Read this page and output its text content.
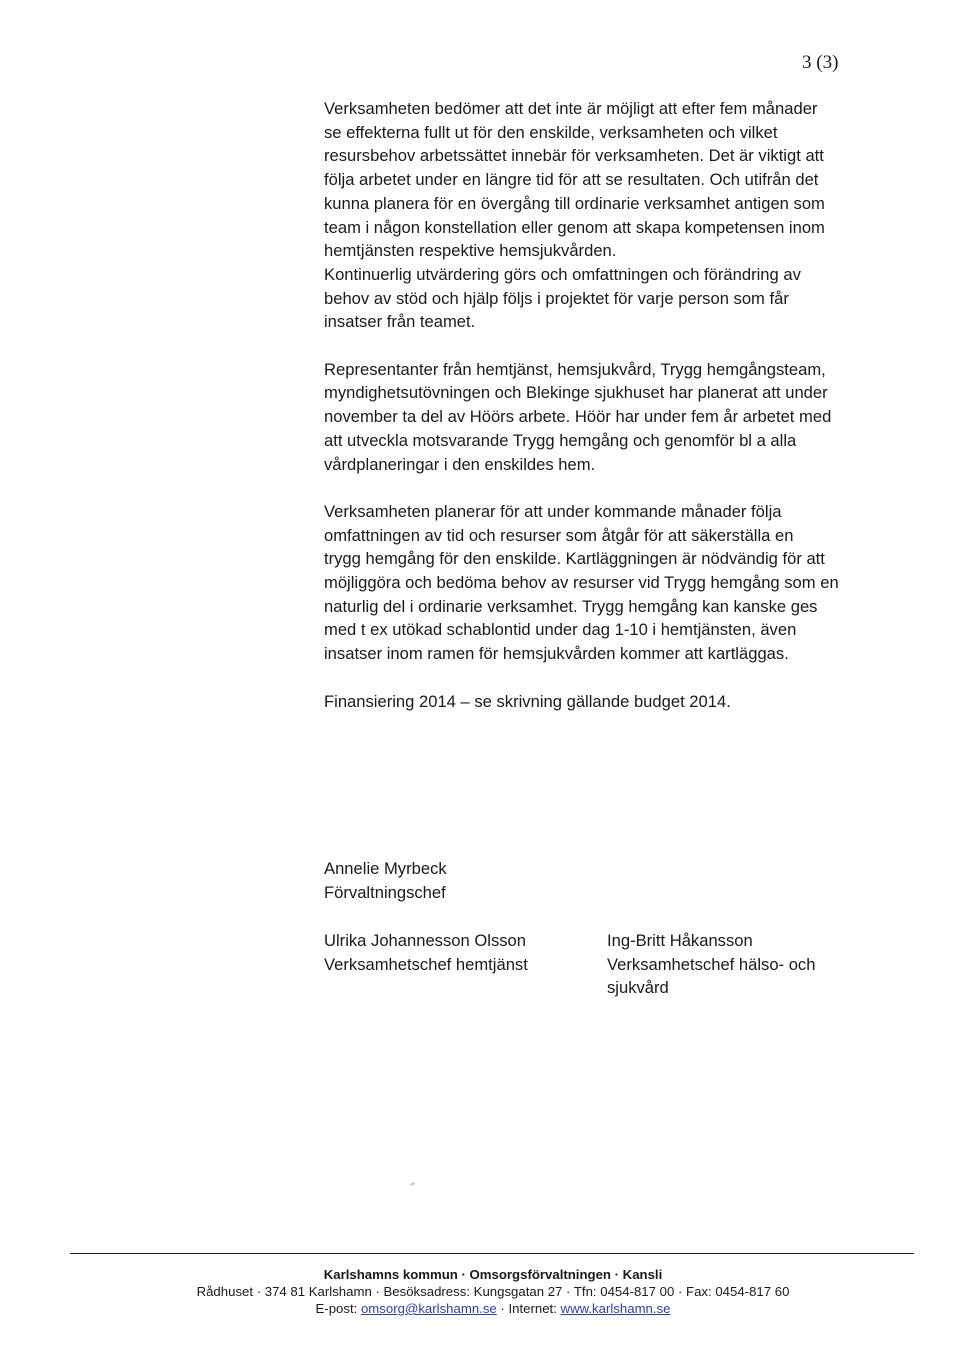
3 (3)

Verksamheten bedömer att det inte är möjligt att efter fem månader
se effekterna fullt ut för den enskilde, verksamheten och vilket
resursbehov arbetssättet innebär för verksamheten. Det är viktigt att
följa arbetet under en längre tid för att se resultaten. Och utifrån det
kunna planera för en övergång till ordinarie verksamhet antigen som
team i någon konstellation eller genom att skapa kompetensen inom
hemtjänsten respektive hemsjukvården.
Kontinuerlig utvärdering görs och omfattningen och förändring av
behov av stöd och hjälp följs i projektet för varje person som får
insatser från teamet.

Representanter från hemtjänst, hemsjukvård, Trygg hemgångsteam,
myndighetsutövningen och Blekinge sjukhuset har planerat att under
november ta del av Höörs arbete. Höör har under fem år arbetet med
att utveckla motsvarande Trygg hemgång och genomför bl a alla
vårdplaneringar i den enskildes hem.

Verksamheten planerar för att under kommande månader följa
omfattningen av tid och resurser som åtgår för att säkerställa en
trygg hemgång för den enskilde. Kartläggningen är nödvändig för att
möjliggöra och bedöma behov av resurser vid Trygg hemgång som en
naturlig del i ordinarie verksamhet. Trygg hemgång kan kanske ges
med t ex utökad schablontid under dag 1-10 i hemtjänsten, även
insatser inom ramen för hemsjukvården kommer att kartläggas.

Finansiering 2014 – se skrivning gällande budget 2014.

Annelie Myrbeck
Förvaltningschef
Ulrika Johannesson Olsson
Verksamhetschef hemtjänst
Ing-Britt Håkansson
Verksamhetschef hälso- och
sjukvård
Karlshamns kommun · Omsorgsförvaltningen · Kansli
Rådhuset · 374 81 Karlshamn · Besöksadress: Kungsgatan 27 · Tfn: 0454-817 00 · Fax: 0454-817 60
E-post: omsorg@karlshamn.se · Internet: www.karlshamn.se
